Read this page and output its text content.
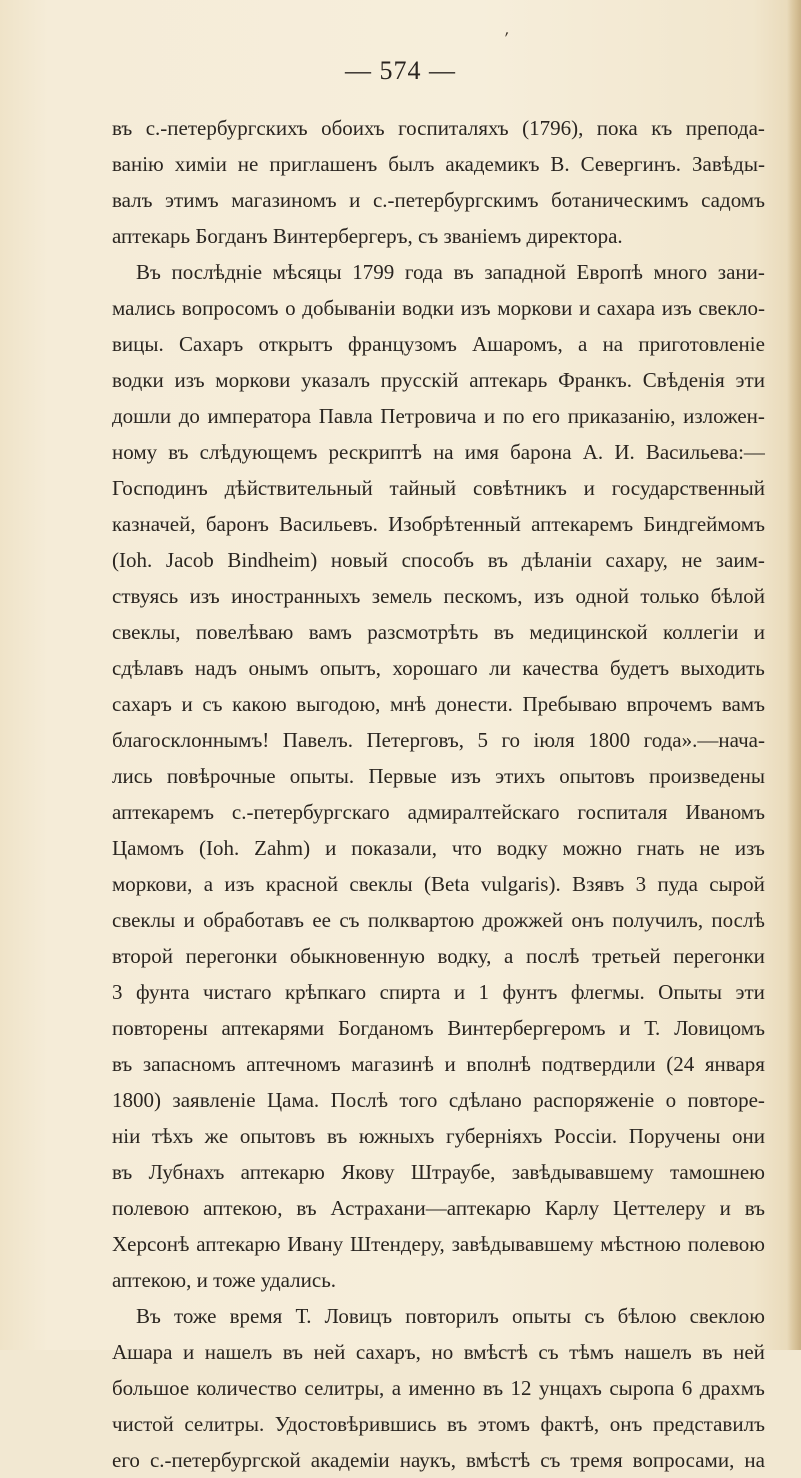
ʹ
— 574 —
въ с.-петербургскихъ обоихъ госпиталяхъ (1796), пока къ препода-
ванію химіи не приглашенъ былъ академикъ В. Севергинъ. Завѣды-
валъ этимъ магазиномъ и с.-петербургскимъ ботаническимъ садомъ
аптекарь Богданъ Винтербергеръ, съ званіемъ директора.
Въ послѣдніе мѣсяцы 1799 года въ западной Европѣ много зани-
мались вопросомъ о добываніи водки изъ моркови и сахара изъ свекло-
вицы. Сахаръ открытъ французомъ Ашаромъ, а на приготовленіе
водки изъ моркови указалъ прусскій аптекарь Франкъ. Свѣденія эти
дошли до императора Павла Петровича и по его приказанію, изложен-
ному въ слѣдующемъ рескриптѣ на имя барона А. И. Васильева:—
Господинъ дѣйствительный тайный совѣтникъ и государственный
казначей, баронъ Васильевъ. Изобрѣтенный аптекаремъ Биндгеймомъ
(Ioh. Jacob Bindheim) новый способъ въ дѣланіи сахару, не заим-
ствуясь изъ иностранныхъ земель пескомъ, изъ одной только бѣлой
свеклы, повелѣваю вамъ разсмотрѣть въ медицинской коллегіи и
сдѣлавъ надъ онымъ опытъ, хорошаго ли качества будетъ выходить
сахаръ и съ какою выгодою, мнѣ донести. Пребываю впрочемъ вамъ
благосклоннымъ! Павелъ. Петерговъ, 5 го іюля 1800 года».—нача-
лись повѣрочные опыты. Первые изъ этихъ опытовъ произведены
аптекаремъ с.-петербургскаго адмиралтейскаго госпиталя Иваномъ
Цамомъ (Ioh. Zahm) и показали, что водку можно гнать не изъ
моркови, а изъ красной свеклы (Beta vulgaris). Взявъ 3 пуда сырой
свеклы и обработавъ ее съ полквартою дрожжей онъ получилъ, послѣ
второй перегонки обыкновенную водку, а послѣ третьей перегонки
3 фунта чистаго крѣпкаго спирта и 1 фунтъ флегмы. Опыты эти
повторены аптекарями Богданомъ Винтербергеромъ и Т. Ловицомъ
въ запасномъ аптечномъ магазинѣ и вполнѣ подтвердили (24 января
1800) заявленіе Цама. Послѣ того сдѣлано распоряженіе о повторе-
ніи тѣхъ же опытовъ въ южныхъ губерніяхъ Россіи. Поручены они
въ Лубнахъ аптекарю Якову Штраубе, завѣдывавшему тамошнею
полевою аптекою, въ Астрахани—аптекарю Карлу Цеттелеру и въ
Херсонѣ аптекарю Ивану Штендеру, завѣдывавшему мѣстною полевою
аптекою, и тоже удались.
Въ тоже время Т. Ловицъ повторилъ опыты съ бѣлою свеклою
Ашара и нашелъ въ ней сахаръ, но вмѣстѣ съ тѣмъ нашелъ въ ней
большое количество селитры, а именно въ 12 унцахъ сыропа 6 драхмъ
чистой селитры. Удостовѣрившись въ этомъ фактѣ, онъ представилъ
его с.-петербургской академіи наукъ, вмѣстѣ съ тремя вопросами, на
